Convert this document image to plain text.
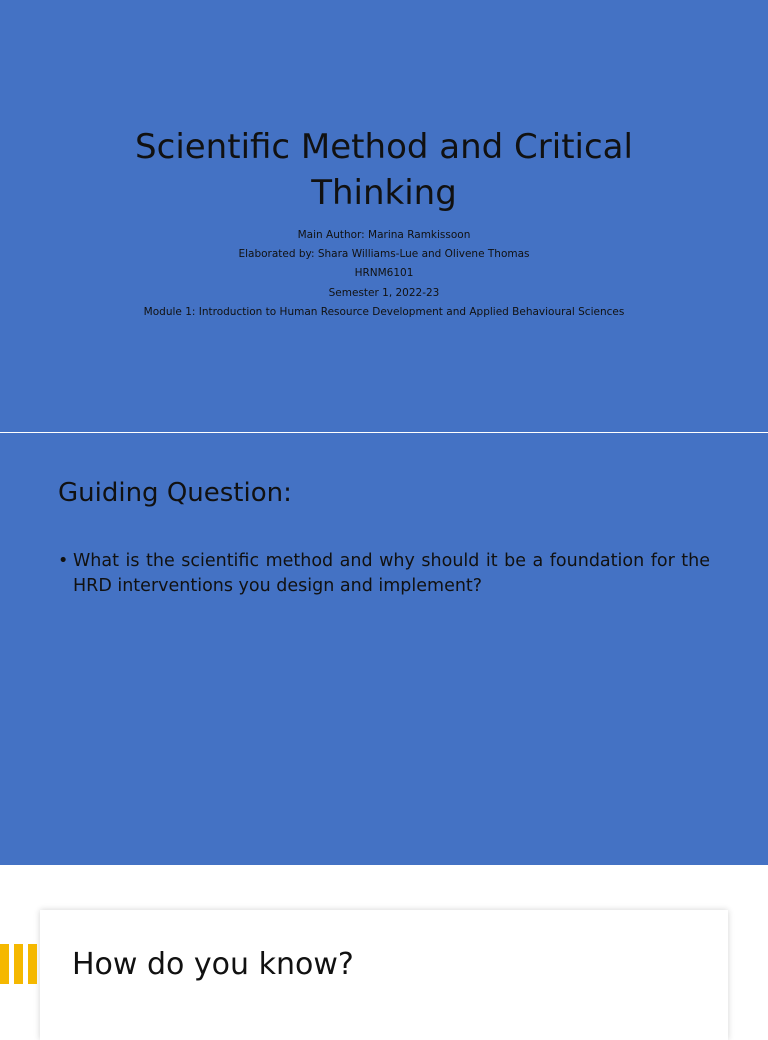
Scientific Method and Critical Thinking
Main Author: Marina Ramkissoon
Elaborated by: Shara Williams-Lue and Olivene Thomas
HRNM6101
Semester 1, 2022-23
Module 1: Introduction to Human Resource Development and Applied Behavioural Sciences
Guiding Question:
• What is the scientific method and why should it be a foundation for the HRD interventions you design and implement?
How do you know?
